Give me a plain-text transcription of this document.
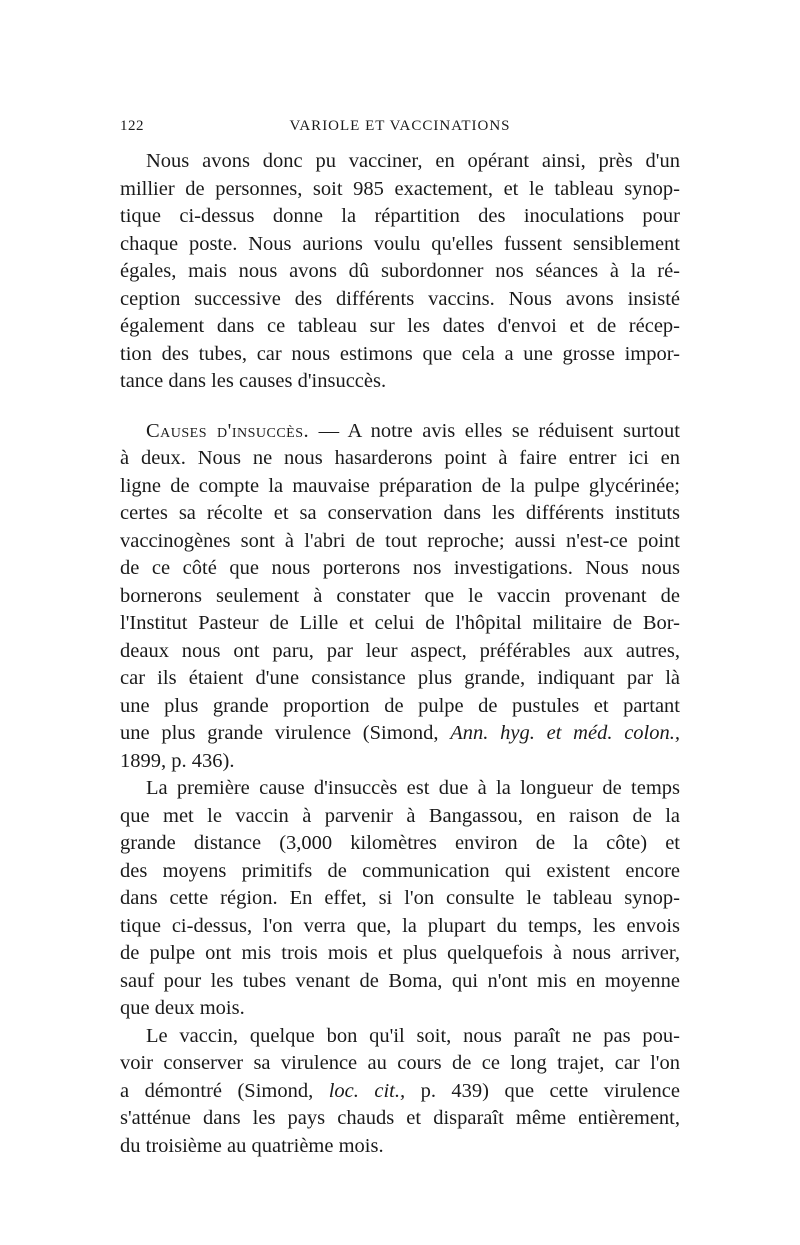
122	VARIOLE ET VACCINATIONS
Nous avons donc pu vacciner, en opérant ainsi, près d'un
millier de personnes, soit 985 exactement, et le tableau synop-
tique ci-dessus donne la répartition des inoculations pour
chaque poste. Nous aurions voulu qu'elles fussent sensiblement
égales, mais nous avons dû subordonner nos séances à la ré-
ception successive des différents vaccins. Nous avons insisté
également dans ce tableau sur les dates d'envoi et de récep-
tion des tubes, car nous estimons que cela a une grosse impor-
tance dans les causes d'insuccès.
Causes d'insuccès. — A notre avis elles se réduisent surtout
à deux. Nous ne nous hasarderons point à faire entrer ici en
ligne de compte la mauvaise préparation de la pulpe glycérinée;
certes sa récolte et sa conservation dans les différents instituts
vaccinogènes sont à l'abri de tout reproche; aussi n'est-ce point
de ce côté que nous porterons nos investigations. Nous nous
bornerons seulement à constater que le vaccin provenant de
l'Institut Pasteur de Lille et celui de l'hôpital militaire de Bor-
deaux nous ont paru, par leur aspect, préférables aux autres,
car ils étaient d'une consistance plus grande, indiquant par là
une plus grande proportion de pulpe de pustules et partant
une plus grande virulence (Simond, Ann. hyg. et méd. colon.,
1899, p. 436).
La première cause d'insuccès est due à la longueur de temps
que met le vaccin à parvenir à Bangassou, en raison de la
grande distance (3,000 kilomètres environ de la côte) et
des moyens primitifs de communication qui existent encore
dans cette région. En effet, si l'on consulte le tableau synop-
tique ci-dessus, l'on verra que, la plupart du temps, les envois
de pulpe ont mis trois mois et plus quelquefois à nous arriver,
sauf pour les tubes venant de Boma, qui n'ont mis en moyenne
que deux mois.
Le vaccin, quelque bon qu'il soit, nous paraît ne pas pou-
voir conserver sa virulence au cours de ce long trajet, car l'on
a démontré (Simond, loc. cit., p. 439) que cette virulence
s'atténue dans les pays chauds et disparaît même entièrement,
du troisième au quatrième mois.
